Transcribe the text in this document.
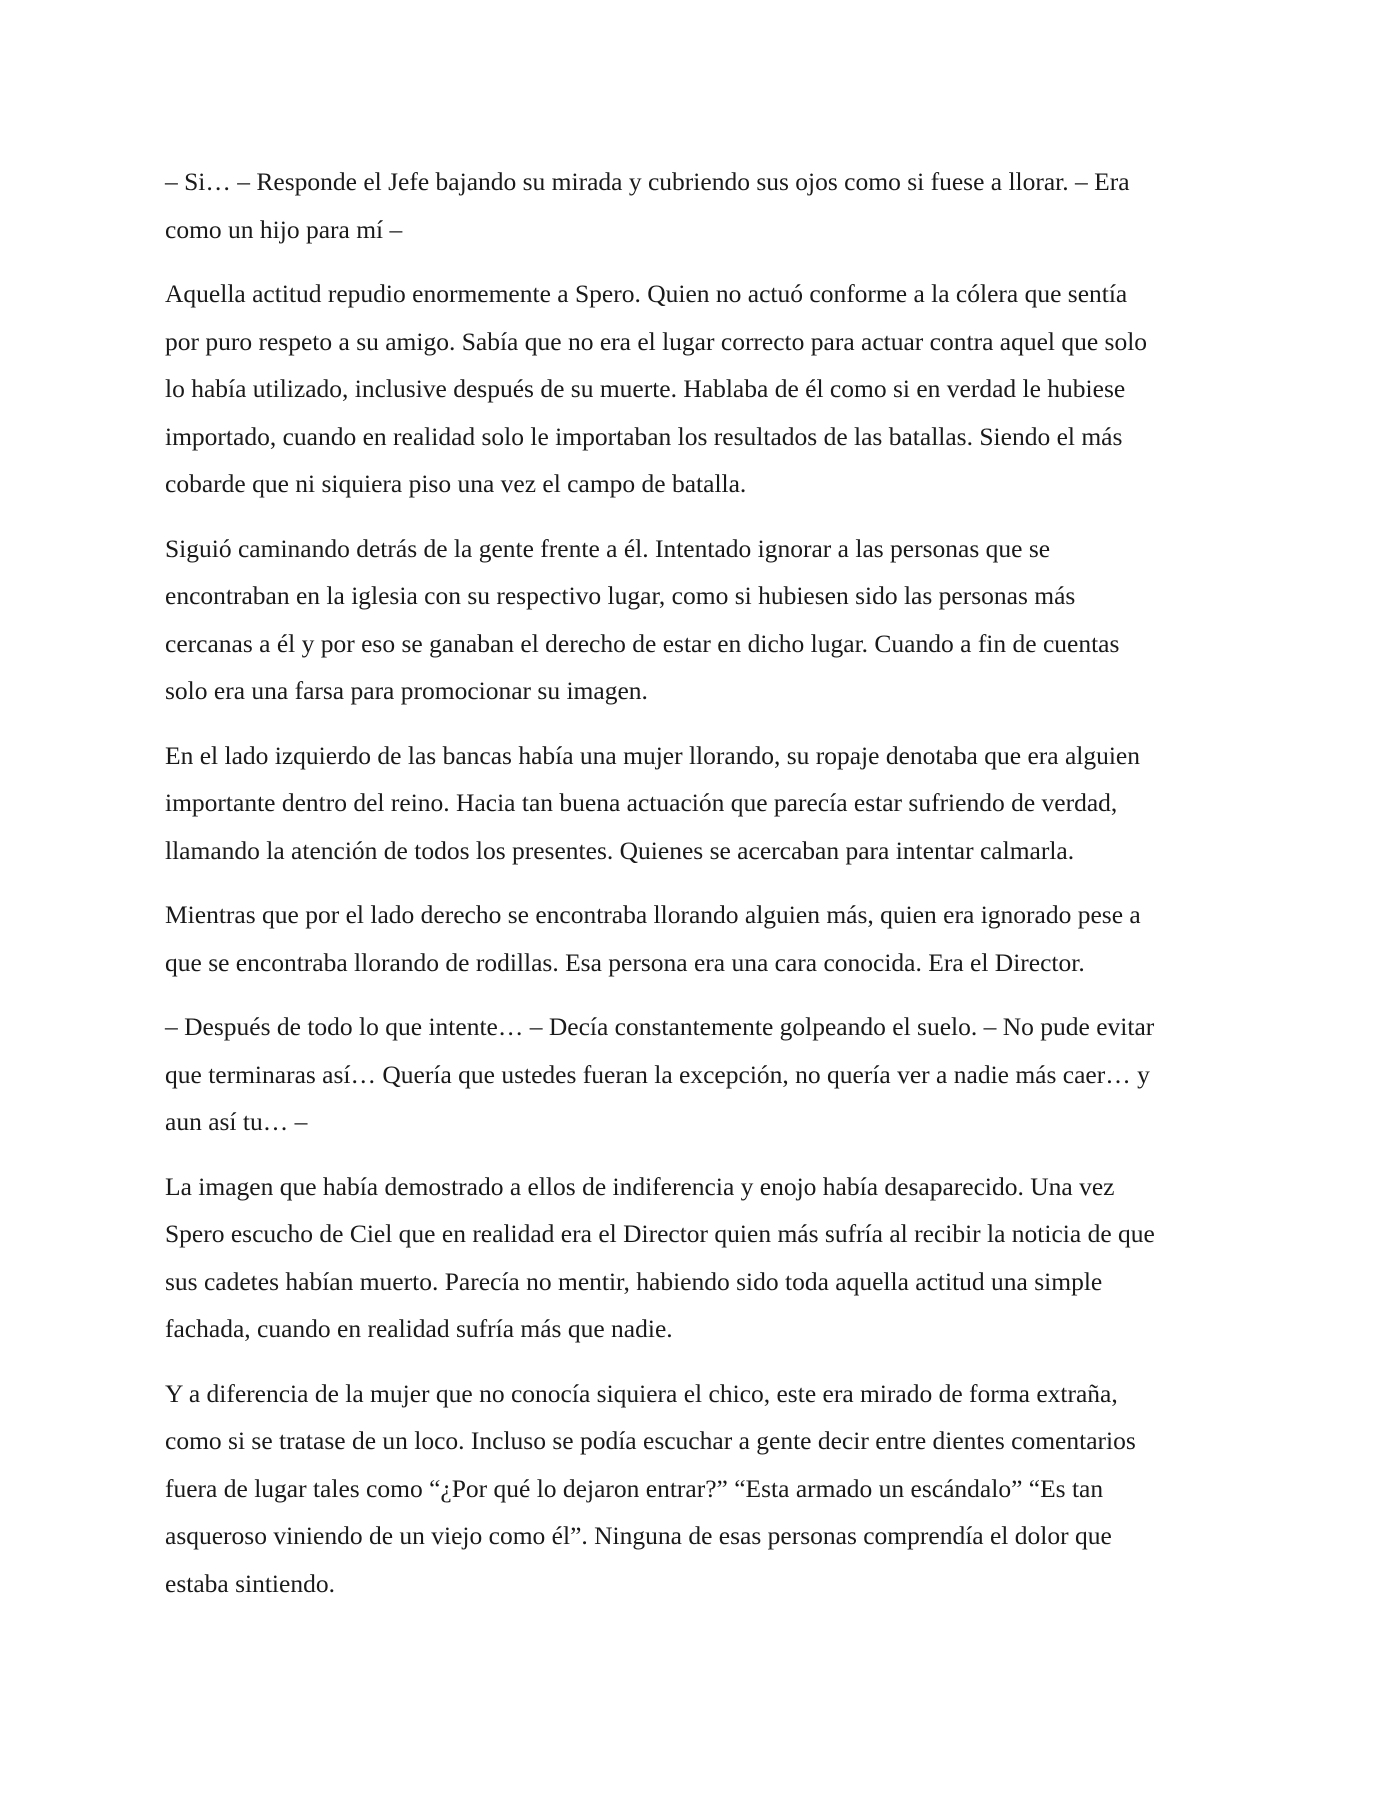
– Si… – Responde el Jefe bajando su mirada y cubriendo sus ojos como si fuese a llorar. – Era
como un hijo para mí –

Aquella actitud repudio enormemente a Spero. Quien no actuó conforme a la cólera que sentía
por puro respeto a su amigo. Sabía que no era el lugar correcto para actuar contra aquel que solo
lo había utilizado, inclusive después de su muerte. Hablaba de él como si en verdad le hubiese
importado, cuando en realidad solo le importaban los resultados de las batallas. Siendo el más
cobarde que ni siquiera piso una vez el campo de batalla.

Siguió caminando detrás de la gente frente a él. Intentado ignorar a las personas que se
encontraban en la iglesia con su respectivo lugar, como si hubiesen sido las personas más
cercanas a él y por eso se ganaban el derecho de estar en dicho lugar. Cuando a fin de cuentas
solo era una farsa para promocionar su imagen.

En el lado izquierdo de las bancas había una mujer llorando, su ropaje denotaba que era alguien
importante dentro del reino. Hacia tan buena actuación que parecía estar sufriendo de verdad,
llamando la atención de todos los presentes. Quienes se acercaban para intentar calmarla.

Mientras que por el lado derecho se encontraba llorando alguien más, quien era ignorado pese a
que se encontraba llorando de rodillas. Esa persona era una cara conocida. Era el Director.

– Después de todo lo que intente… – Decía constantemente golpeando el suelo. – No pude evitar
que terminaras así… Quería que ustedes fueran la excepción, no quería ver a nadie más caer… y
aun así tu… –

La imagen que había demostrado a ellos de indiferencia y enojo había desaparecido. Una vez
Spero escucho de Ciel que en realidad era el Director quien más sufría al recibir la noticia de que
sus cadetes habían muerto. Parecía no mentir, habiendo sido toda aquella actitud una simple
fachada, cuando en realidad sufría más que nadie.

Y a diferencia de la mujer que no conocía siquiera el chico, este era mirado de forma extraña,
como si se tratase de un loco. Incluso se podía escuchar a gente decir entre dientes comentarios
fuera de lugar tales como “¿Por qué lo dejaron entrar?” “Esta armado un escándalo” “Es tan
asqueroso viniendo de un viejo como él”. Ninguna de esas personas comprendía el dolor que
estaba sintiendo.
